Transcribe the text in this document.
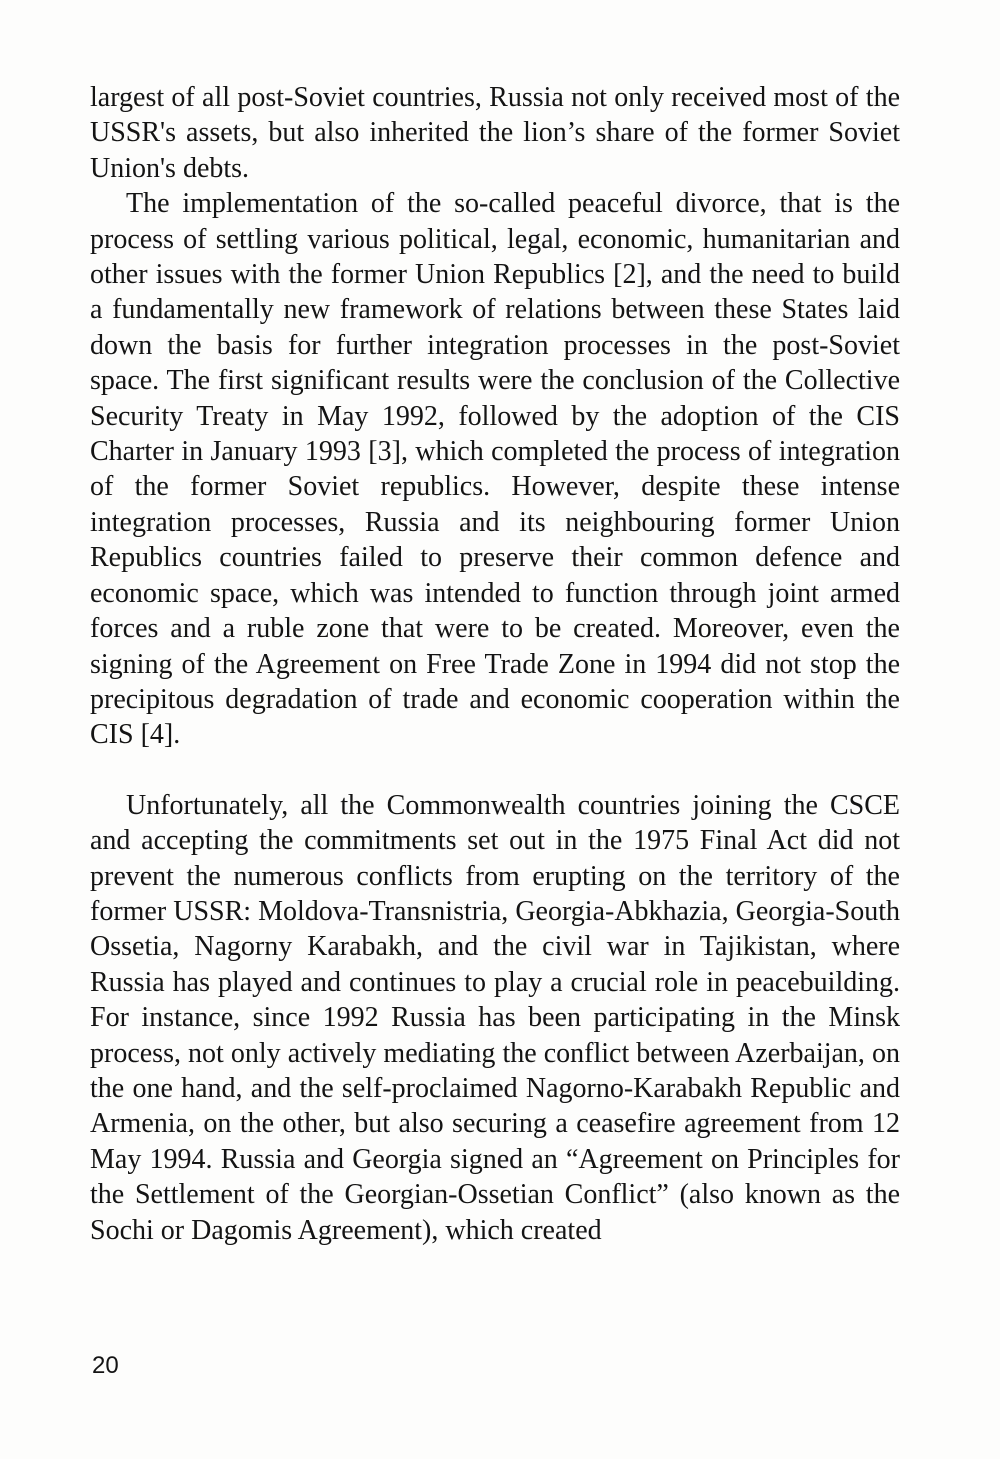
largest of all post-Soviet countries, Russia not only received most of the USSR's assets, but also inherited the lion’s share of the former Soviet Union's debts.

The implementation of the so-called peaceful divorce, that is the process of settling various political, legal, economic, humanitarian and other issues with the former Union Republics [2], and the need to build a fundamentally new framework of relations between these States laid down the basis for further integration processes in the post-Soviet space. The first significant results were the conclusion of the Collective Security Treaty in May 1992, followed by the adoption of the CIS Charter in January 1993 [3], which completed the process of integration of the former Soviet republics. However, despite these intense integration processes, Russia and its neighbouring former Union Republics countries failed to preserve their common defence and economic space, which was intended to function through joint armed forces and a ruble zone that were to be created. Moreover, even the signing of the Agreement on Free Trade Zone in 1994 did not stop the precipitous degradation of trade and economic cooperation within the CIS [4].

Unfortunately, all the Commonwealth countries joining the CSCE and accepting the commitments set out in the 1975 Final Act did not prevent the numerous conflicts from erupting on the territory of the former USSR: Moldova-Transnistria, Georgia-Abkhazia, Georgia-South Ossetia, Nagorny Karabakh, and the civil war in Tajikistan, where Russia has played and continues to play a crucial role in peacebuilding. For instance, since 1992 Russia has been participating in the Minsk process, not only actively mediating the conflict between Azerbaijan, on the one hand, and the self-proclaimed Nagorno-Karabakh Republic and Armenia, on the other, but also securing a ceasefire agreement from 12 May 1994. Russia and Georgia signed an “Agreement on Principles for the Settlement of the Georgian-Ossetian Conflict” (also known as the Sochi or Dagomis Agreement), which created

20
